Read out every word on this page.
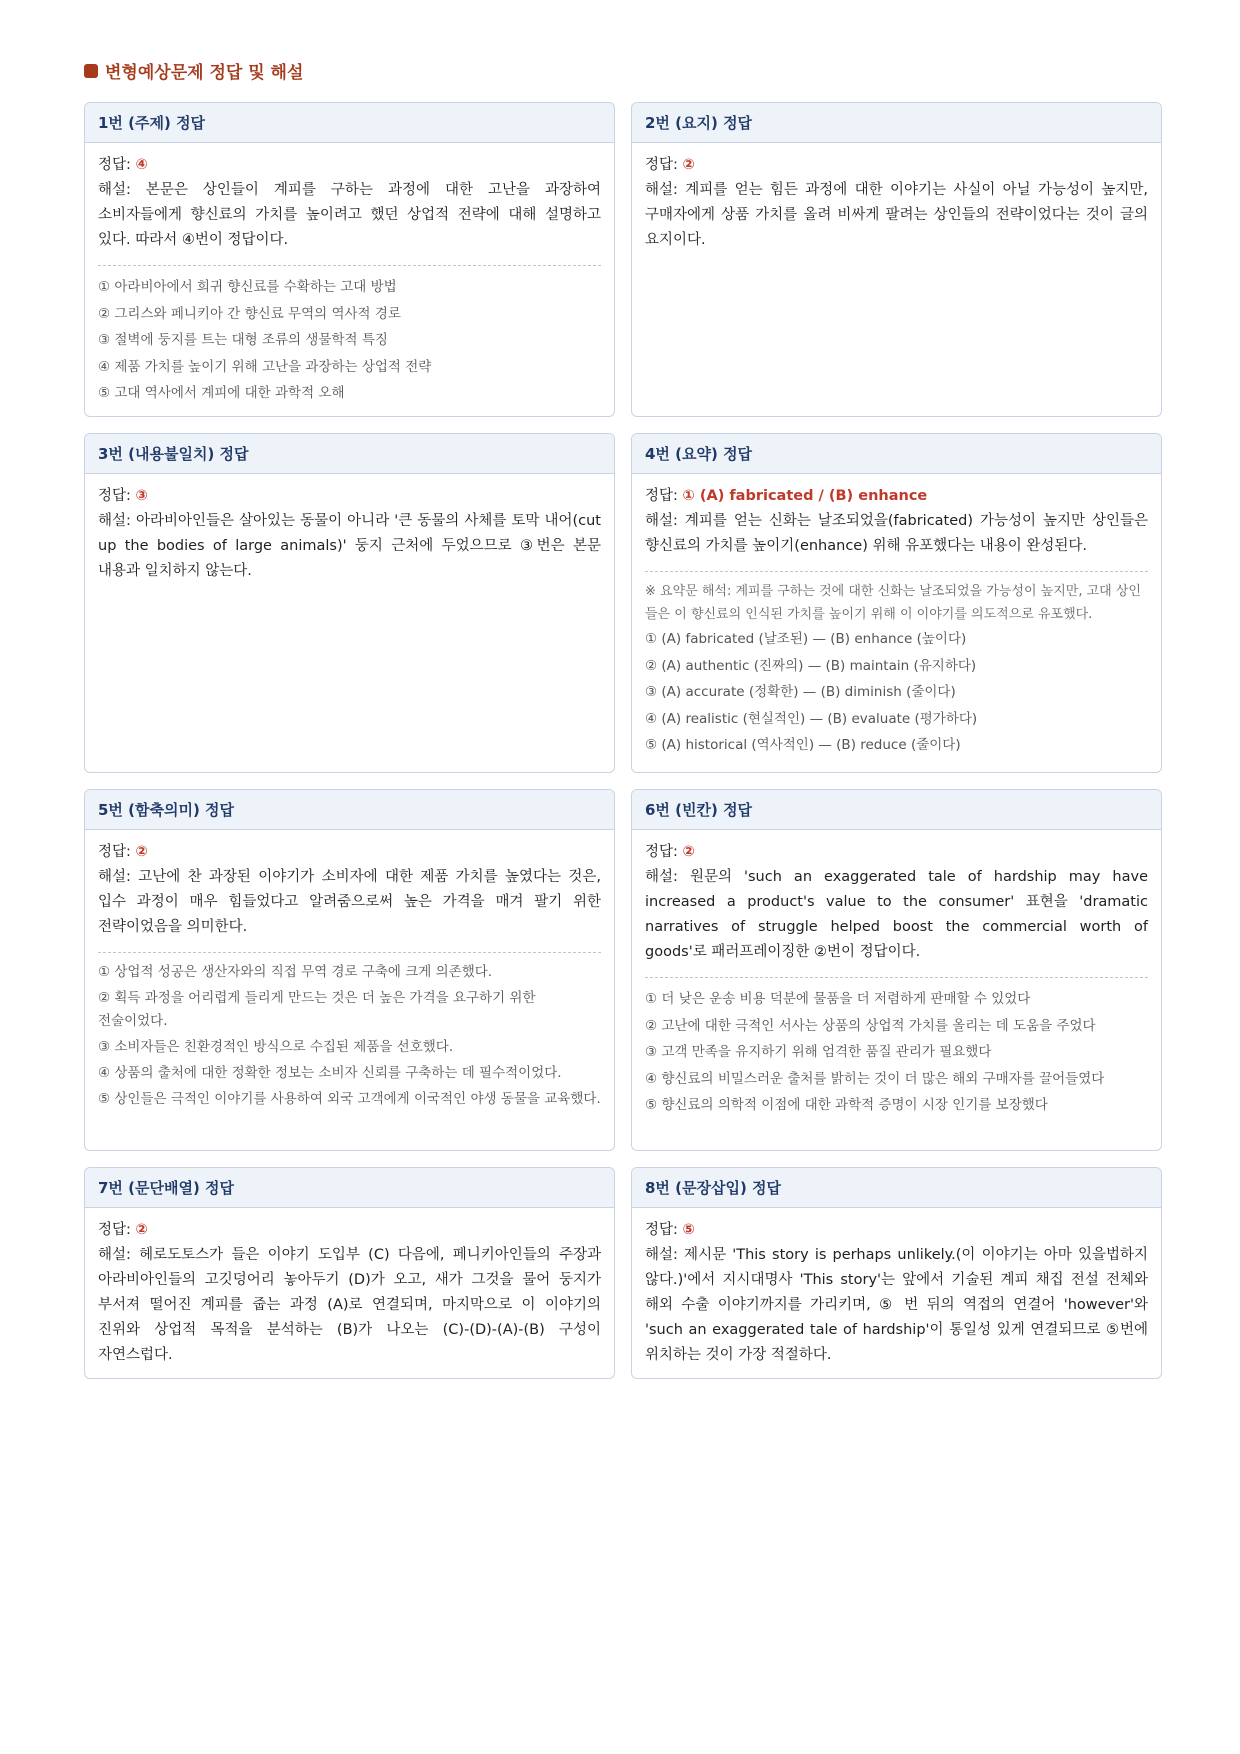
변형예상문제 정답 및 해설
1번 (주제) 정답
정답: ④
해설: 본문은 상인들이 계피를 구하는 과정에 대한 고난을 과장하여 소비자들에게 향신료의 가치를 높이려고 했던 상업적 전략에 대해 설명하고 있다. 따라서 ④번이 정답이다.
① 아라비아에서 희귀 향신료를 수확하는 고대 방법
② 그리스와 페니키아 간 향신료 무역의 역사적 경로
③ 절벽에 둥지를 트는 대형 조류의 생물학적 특징
④ 제품 가치를 높이기 위해 고난을 과장하는 상업적 전략
⑤ 고대 역사에서 계피에 대한 과학적 오해
2번 (요지) 정답
정답: ②
해설: 계피를 얻는 힘든 과정에 대한 이야기는 사실이 아닐 가능성이 높지만, 구매자에게 상품 가치를 올려 비싸게 팔려는 상인들의 전략이었다는 것이 글의 요지이다.
3번 (내용불일치) 정답
정답: ③
해설: 아라비아인들은 살아있는 동물이 아니라 '큰 동물의 사체를 토막 내어(cut up the bodies of large animals)' 둥지 근처에 두었으므로 ③번은 본문 내용과 일치하지 않는다.
4번 (요약) 정답
정답: ① (A) fabricated / (B) enhance
해설: 계피를 얻는 신화는 날조되었을(fabricated) 가능성이 높지만 상인들은 향신료의 가치를 높이기(enhance) 위해 유포했다는 내용이 완성된다.
※ 요약문 해석: 계피를 구하는 것에 대한 신화는 날조되었을 가능성이 높지만, 고대 상인들은 이 향신료의 인식된 가치를 높이기 위해 이 이야기를 의도적으로 유포했다.
① (A) fabricated (날조된) — (B) enhance (높이다)
② (A) authentic (진짜의) — (B) maintain (유지하다)
③ (A) accurate (정확한) — (B) diminish (줄이다)
④ (A) realistic (현실적인) — (B) evaluate (평가하다)
⑤ (A) historical (역사적인) — (B) reduce (줄이다)
5번 (함축의미) 정답
정답: ②
해설: 고난에 찬 과장된 이야기가 소비자에 대한 제품 가치를 높였다는 것은, 입수 과정이 매우 힘들었다고 알려줌으로써 높은 가격을 매겨 팔기 위한 전략이었음을 의미한다.
① 상업적 성공은 생산자와의 직접 무역 경로 구축에 크게 의존했다.
② 획득 과정을 어리렵게 들리게 만드는 것은 더 높은 가격을 요구하기 위한 전술이었다.
③ 소비자들은 친환경적인 방식으로 수집된 제품을 선호했다.
④ 상품의 출처에 대한 정확한 정보는 소비자 신뢰를 구축하는 데 필수적이었다.
⑤ 상인들은 극적인 이야기를 사용하여 외국 고객에게 이국적인 야생 동물을 교육했다.
6번 (빈칸) 정답
정답: ②
해설: 원문의 'such an exaggerated tale of hardship may have increased a product's value to the consumer' 표현을 'dramatic narratives of struggle helped boost the commercial worth of goods'로 패러프레이징한 ②번이 정답이다.
① 더 낮은 운송 비용 덕분에 물품을 더 저렴하게 판매할 수 있었다
② 고난에 대한 극적인 서사는 상품의 상업적 가치를 올리는 데 도움을 주었다
③ 고객 만족을 유지하기 위해 엄격한 품질 관리가 필요했다
④ 향신료의 비밀스러운 출처를 밝히는 것이 더 많은 해외 구매자를 끌어들였다
⑤ 향신료의 의학적 이점에 대한 과학적 증명이 시장 인기를 보장했다
7번 (문단배열) 정답
정답: ②
해설: 헤로도토스가 들은 이야기 도입부 (C) 다음에, 페니키아인들의 주장과 아라비아인들의 고깃덩어리 놓아두기 (D)가 오고, 새가 그것을 물어 둥지가 부서져 떨어진 계피를 줍는 과정 (A)로 연결되며, 마지막으로 이 이야기의 진위와 상업적 목적을 분석하는 (B)가 나오는 (C)-(D)-(A)-(B) 구성이 자연스럽다.
8번 (문장삽입) 정답
정답: ⑤
해설: 제시문 'This story is perhaps unlikely.(이 이야기는 아마 있을법하지 않다.)'에서 지시대명사 'This story'는 앞에서 기술된 계피 채집 전설 전체와 해외 수출 이야기까지를 가리키며, ⑤ 번 뒤의 역접의 연결어 'however'와 'such an exaggerated tale of hardship'이 통일성 있게 연결되므로 ⑤번에 위치하는 것이 가장 적절하다.
